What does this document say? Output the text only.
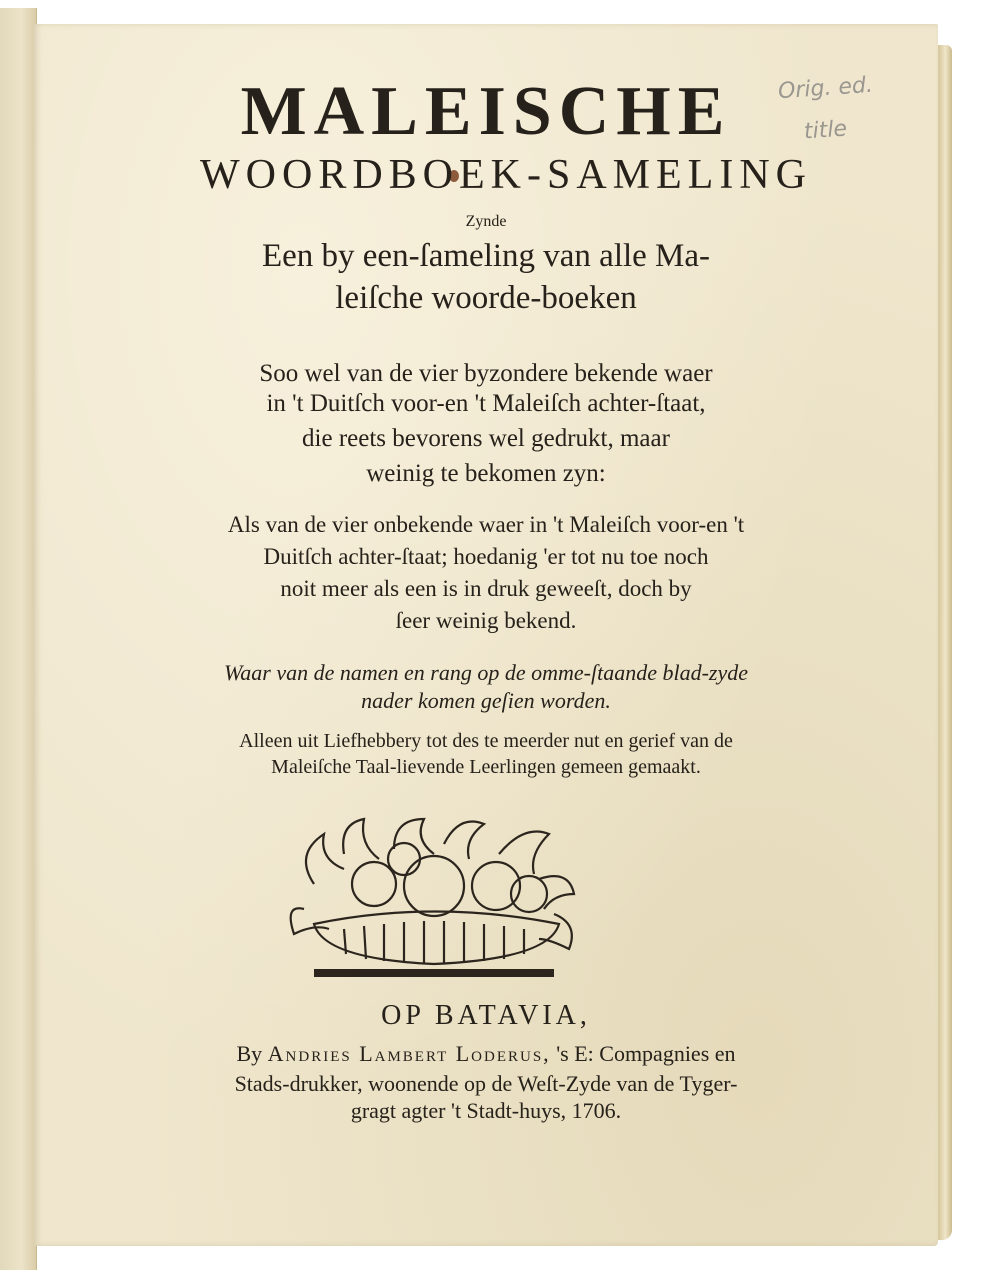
MALEISCHE
WOORDBOEK-SAMELING
Zynde
Een by een-ſameling van alle Ma-
leiſche woorde-boeken
Soo wel van de vier byzondere bekende waer
in 't Duitſch voor-en 't Maleiſch achter-ſtaat,
die reets bevorens wel gedrukt, maar
weinig te bekomen zyn:
Als van de vier onbekende waer in 't Maleiſch voor-en 't
Duitſch achter-ſtaat; hoedanig 'er tot nu toe noch
noit meer als een is in druk geweeſt, doch by
ſeer weinig bekend.
Waar van de namen en rang op de omme-ſtaande blad-zyde
nader komen geſien worden.
Alleen uit Liefhebbery tot des te meerder nut en gerief van de
Maleiſche Taal-lievende Leerlingen gemeen gemaakt.
OP BATAVIA,
By Andries Lambert Loderus, 's E: Compagnies en
Stads-drukker, woonende op de Weſt-Zyde van de Tyger-
gragt agter 't Stadt-huys, 1706.
Orig. ed.
title
